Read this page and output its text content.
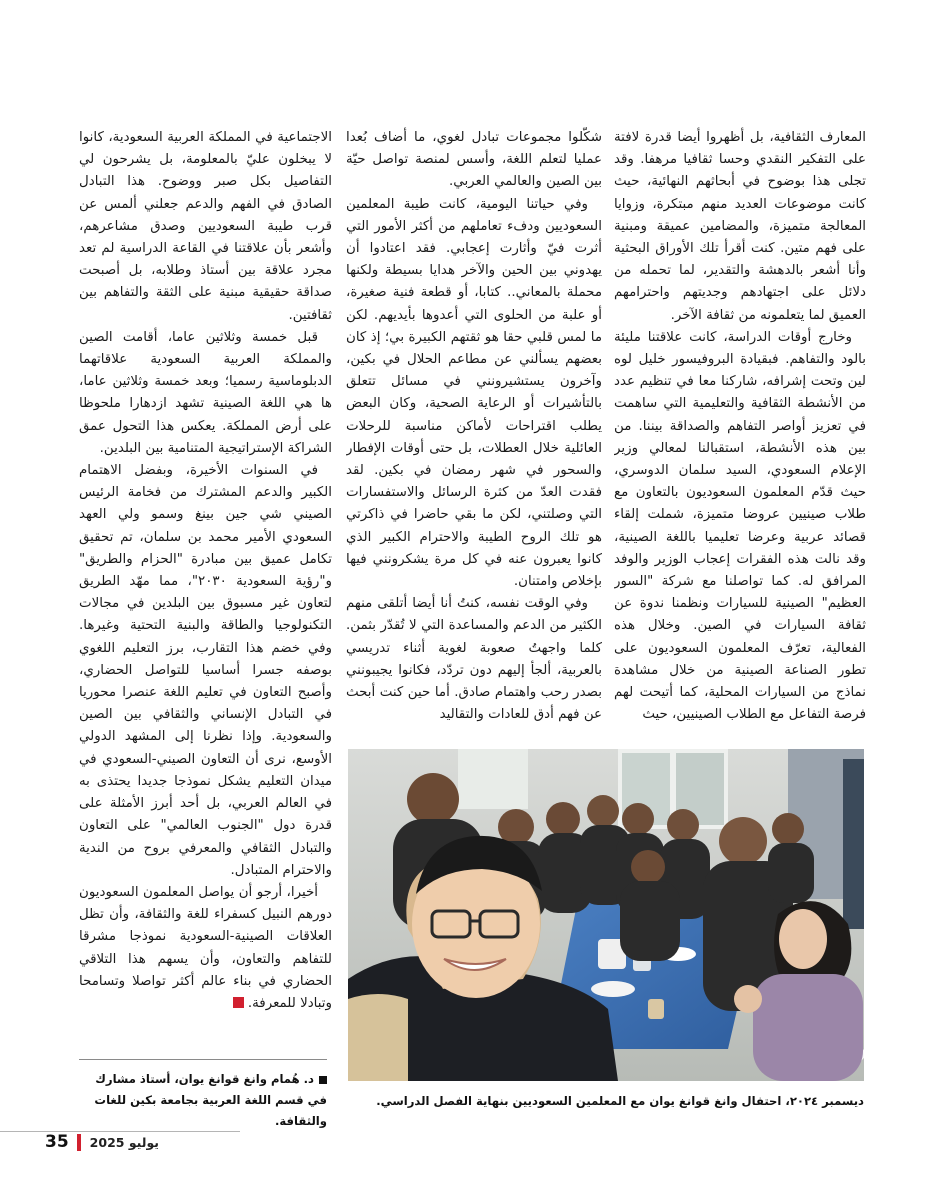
المعارف الثقافية، بل أظهروا أيضا قدرة لافتة على التفكير النقدي وحسا ثقافيا مرهفا. وقد تجلى هذا بوضوح في أبحاثهم النهائية، حيث كانت موضوعات العديد منهم مبتكرة، وزوايا المعالجة متميزة، والمضامين عميقة ومبنية على فهم متين. كنت أقرأ تلك الأوراق البحثية وأنا أشعر بالدهشة والتقدير، لما تحمله من دلائل على اجتهادهم وجديتهم واحترامهم العميق لما يتعلمونه من ثقافة الآخر.

وخارج أوقات الدراسة، كانت علاقتنا مليئة بالود والتفاهم. فبقيادة البروفيسور خليل لوه لين وتحت إشرافه، شاركنا معا في تنظيم عدد من الأنشطة الثقافية والتعليمية التي ساهمت في تعزيز أواصر التفاهم والصداقة بيننا. من بين هذه الأنشطة، استقبالنا لمعالي وزير الإعلام السعودي، السيد سلمان الدوسري، حيث قدّم المعلمون السعوديون بالتعاون مع طلاب صينيين عروضا متميزة، شملت إلقاء قصائد عربية وعرضا تعليميا باللغة الصينية، وقد نالت هذه الفقرات إعجاب الوزير والوفد المرافق له. كما تواصلنا مع شركة "السور العظيم" الصينية للسيارات ونظمنا ندوة عن ثقافة السيارات في الصين. وخلال هذه الفعالية، تعرّف المعلمون السعوديون على تطور الصناعة الصينية من خلال مشاهدة نماذج من السيارات المحلية، كما أتيحت لهم فرصة التفاعل مع الطلاب الصينيين، حيث

شكّلوا مجموعات تبادل لغوي، ما أضاف بُعدا عمليا لتعلم اللغة، وأسس لمنصة تواصل حيّة بين الصين والعالمي العربي.

وفي حياتنا اليومية، كانت طيبة المعلمين السعوديين ودفء تعاملهم من أكثر الأمور التي أثرت فيّ وأثارت إعجابي. فقد اعتادوا أن يهدوني بين الحين والآخر هدايا بسيطة ولكنها محملة بالمعاني.. كتابا، أو قطعة فنية صغيرة، أو علبة من الحلوى التي أعدوها بأيديهم. لكن ما لمس قلبي حقا هو ثقتهم الكبيرة بي؛ إذ كان بعضهم يسألني عن مطاعم الحلال في بكين، وآخرون يستشيرونني في مسائل تتعلق بالتأشيرات أو الرعاية الصحية، وكان البعض يطلب اقتراحات لأماكن مناسبة للرحلات العائلية خلال العطلات، بل حتى أوقات الإفطار والسحور في شهر رمضان في بكين. لقد فقدت العدّ من كثرة الرسائل والاستفسارات التي وصلتني، لكن ما بقي حاضرا في ذاكرتي هو تلك الروح الطيبة والاحترام الكبير الذي كانوا يعبرون عنه في كل مرة يشكرونني فيها بإخلاص وامتنان.

وفي الوقت نفسه، كنتُ أنا أيضا أتلقى منهم الكثير من الدعم والمساعدة التي لا تُقدّر بثمن. كلما واجهتُ صعوبة لغوية أثناء تدريسي بالعربية، ألجأ إليهم دون تردّد، فكانوا يجيبونني بصدر رحب واهتمام صادق. أما حين كنت أبحث عن فهم أدق للعادات والتقاليد

الاجتماعية في المملكة العربية السعودية، كانوا لا يبخلون عليّ بالمعلومة، بل يشرحون لي التفاصيل بكل صبر ووضوح. هذا التبادل الصادق في الفهم والدعم جعلني ألمس عن قرب طيبة السعوديين وصدق مشاعرهم، وأشعر بأن علاقتنا في القاعة الدراسية لم تعد مجرد علاقة بين أستاذ وطلابه، بل أصبحت صداقة حقيقية مبنية على الثقة والتفاهم بين ثقافتين.

قبل خمسة وثلاثين عاما، أقامت الصين والمملكة العربية السعودية علاقاتهما الدبلوماسية رسميا؛ وبعد خمسة وثلاثين عاما، ها هي اللغة الصينية تشهد ازدهارا ملحوظا على أرض المملكة. يعكس هذا التحول عمق الشراكة الإستراتيجية المتنامية بين البلدين.

في السنوات الأخيرة، وبفضل الاهتمام الكبير والدعم المشترك من فخامة الرئيس الصيني شي جين بينغ وسمو ولي العهد السعودي الأمير محمد بن سلمان، تم تحقيق تكامل عميق بين مبادرة "الحزام والطريق" و"رؤية السعودية ٢٠٣٠"، مما مهّد الطريق لتعاون غير مسبوق بين البلدين في مجالات التكنولوجيا والطاقة والبنية التحتية وغيرها. وفي خضم هذا التقارب، برز التعليم اللغوي بوصفه جسرا أساسيا للتواصل الحضاري، وأصبح التعاون في تعليم اللغة عنصرا محوريا في التبادل الإنساني والثقافي بين الصين والسعودية. وإذا نظرنا إلى المشهد الدولي الأوسع، نرى أن التعاون الصيني-السعودي في ميدان التعليم يشكل نموذجا جديدا يحتذى به في العالم العربي، بل أحد أبرز الأمثلة على قدرة دول "الجنوب العالمي" على التعاون والتبادل الثقافي والمعرفي بروح من الندية والاحترام المتبادل.

أخيرا، أرجو أن يواصل المعلمون السعوديون دورهم النبيل كسفراء للغة والثقافة، وأن تظل العلاقات الصينية-السعودية نموذجا مشرقا للتفاهم والتعاون، وأن يسهم هذا التلاقي الحضاري في بناء عالم أكثر تواصلا وتسامحا وتبادلا للمعرفة.

ديسمبر ٢٠٢٤، احتفال وانغ قوانغ يوان مع المعلمين السعوديين بنهاية الفصل الدراسي.
د. هُمام وانغ قوانغ يوان، أستاذ مشارك في قسم اللغة العربية بجامعة بكين للغات والثقافة.
35 يوليو 2025
